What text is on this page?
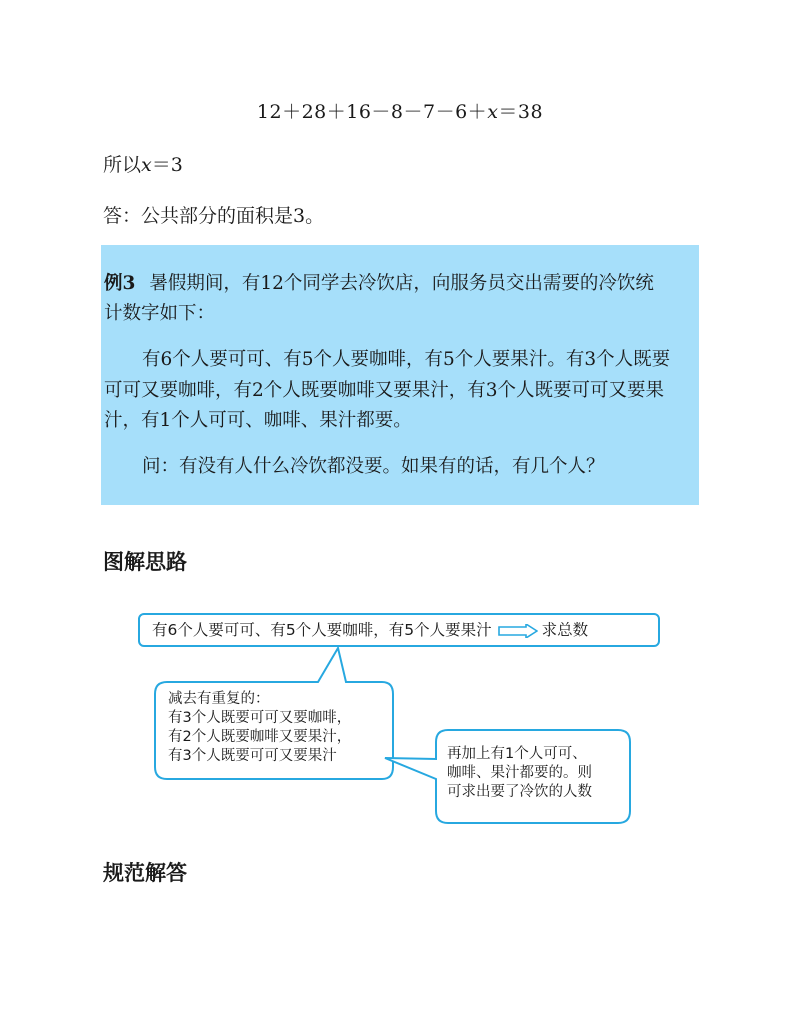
12＋28＋16－8－7－6＋x＝38
所以x＝3
答：公共部分的面积是3。

例3 暑假期间，有12个同学去冷饮店，向服务员交出需要的冷饮统

计数字如下：

有6个人要可可、有5个人要咖啡，有5个人要果汁。有3个人既要

可可又要咖啡，有2个人既要咖啡又要果汁，有3个人既要可可又要果

汁，有1个人可可、咖啡、果汁都要。

问：有没有人什么冷饮都没要。如果有的话，有几个人？

图解思路
有6个人要可可、有5个人要咖啡，有5个人要果汁	求总数
减去有重复的：
有3个人既要可可又要咖啡，
有2个人既要咖啡又要果汁，
有3个人既要可可又要果汁	再加上有1个人可可、
咖啡、果汁都要的。则
可求出要了冷饮的人数
规范解答
